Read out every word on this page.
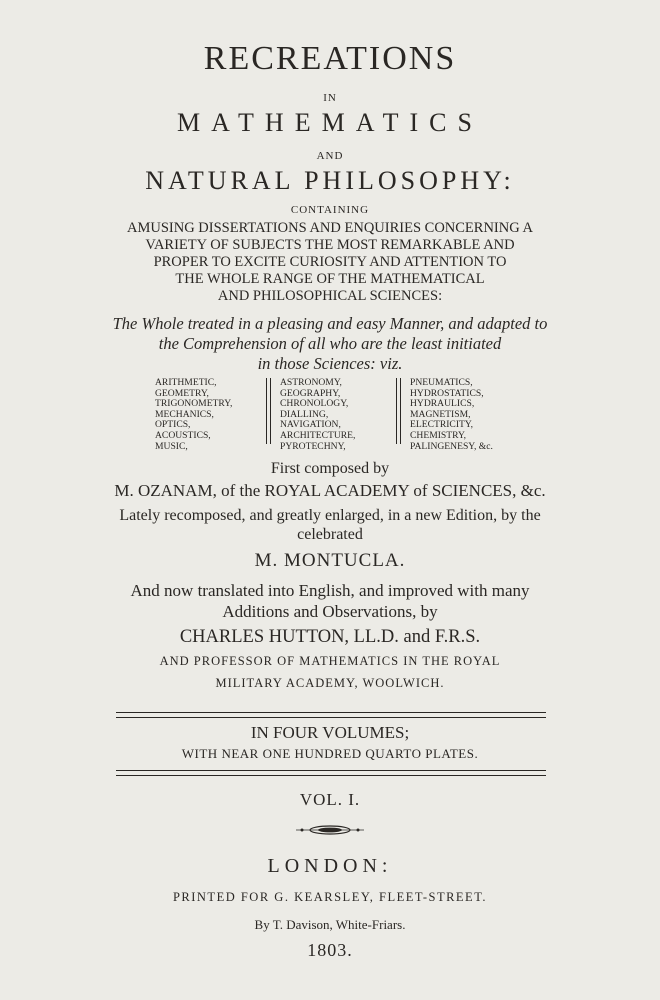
RECREATIONS
IN
MATHEMATICS
AND
NATURAL PHILOSOPHY:
CONTAINING
AMUSING DISSERTATIONS AND ENQUIRIES CONCERNING A
VARIETY OF SUBJECTS THE MOST REMARKABLE AND
PROPER TO EXCITE CURIOSITY AND ATTENTION TO
THE WHOLE RANGE OF THE MATHEMATICAL
AND PHILOSOPHICAL SCIENCES:
The Whole treated in a pleasing and easy Manner, and adapted to
the Comprehension of all who are the least initiated
in those Sciences: viz.
ARITHMETIC,
GEOMETRY,
TRIGONOMETRY,
MECHANICS,
OPTICS,
ACOUSTICS,
MUSIC,
ASTRONOMY,
GEOGRAPHY,
CHRONOLOGY,
DIALLING,
NAVIGATION,
ARCHITECTURE,
PYROTECHNY,
PNEUMATICS,
HYDROSTATICS,
HYDRAULICS,
MAGNETISM,
ELECTRICITY,
CHEMISTRY,
PALINGENESY, &c.
First composed by
M. OZANAM, of the ROYAL ACADEMY of SCIENCES, &c.
Lately recomposed, and greatly enlarged, in a new Edition, by the
celebrated
M. MONTUCLA.
And now translated into English, and improved with many
Additions and Observations, by
CHARLES HUTTON, LL.D. and F.R.S.
AND PROFESSOR OF MATHEMATICS IN THE ROYAL
MILITARY ACADEMY, WOOLWICH.
IN FOUR VOLUMES;
WITH NEAR ONE HUNDRED QUARTO PLATES.
VOL. I.
LONDON:
PRINTED FOR G. KEARSLEY, FLEET-STREET.
By T. Davison, White-Friars.
1803.
